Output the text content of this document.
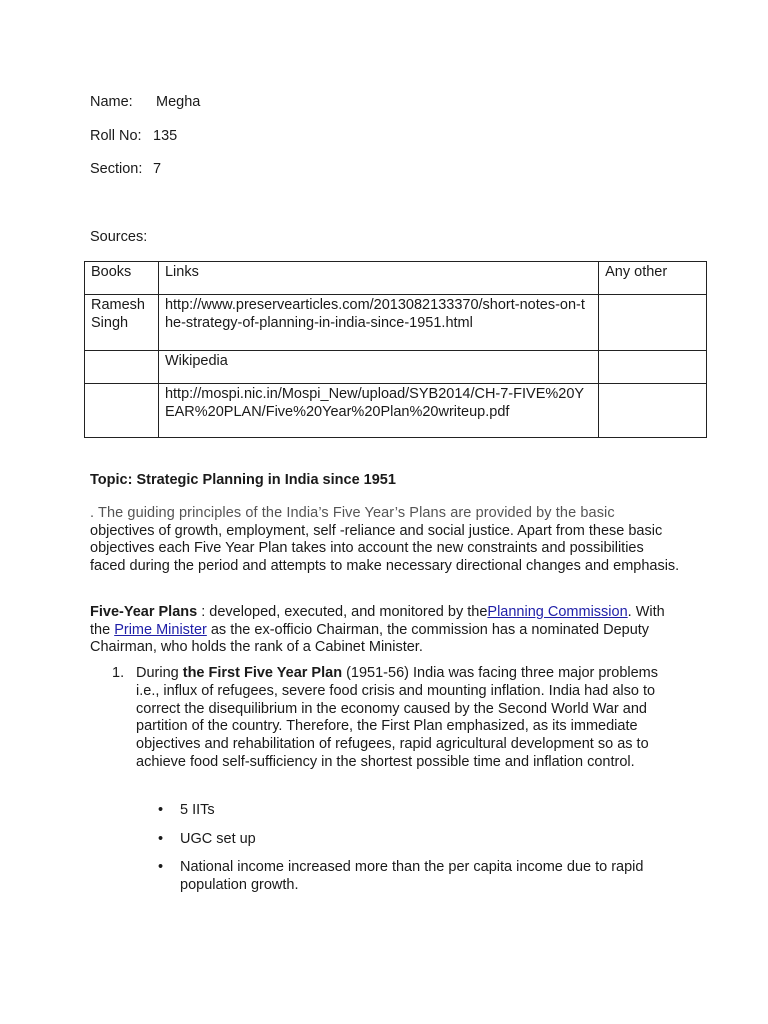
Name: Megha
Roll No: 135
Section: 7
Sources:
Books	Links	Any other
Ramesh Singh	http://www.preservearticles.com/2013082133370/short-notes-on-the-strategy-of-planning-in-india-since-1951.html	
	Wikipedia	
	http://mospi.nic.in/Mospi_New/upload/SYB2014/CH-7-FIVE%20YEAR%20PLAN/Five%20Year%20Plan%20writeup.pdf	
Topic: Strategic Planning in India since 1951
. The guiding principles of the India’s Five Year’s Plans are provided by the basic objectives of growth, employment, self -reliance and social justice. Apart from these basic objectives each Five Year Plan takes into account the new constraints and possibilities faced during the period and attempts to make necessary directional changes and emphasis.
Five-Year Plans : developed, executed, and monitored by thePlanning Commission. With the Prime Minister as the ex-officio Chairman, the commission has a nominated Deputy Chairman, who holds the rank of a Cabinet Minister.
1. During the First Five Year Plan (1951-56) India was facing three major problems i.e., influx of refugees, severe food crisis and mounting inflation. India had also to correct the disequilibrium in the economy caused by the Second World War and partition of the country. Therefore, the First Plan emphasized, as its immediate objectives and rehabilitation of refugees, rapid agricultural development so as to achieve food self-sufficiency in the shortest possible time and inflation control.
• 5 IITs
• UGC set up
• National income increased more than the per capita income due to rapid population growth.
